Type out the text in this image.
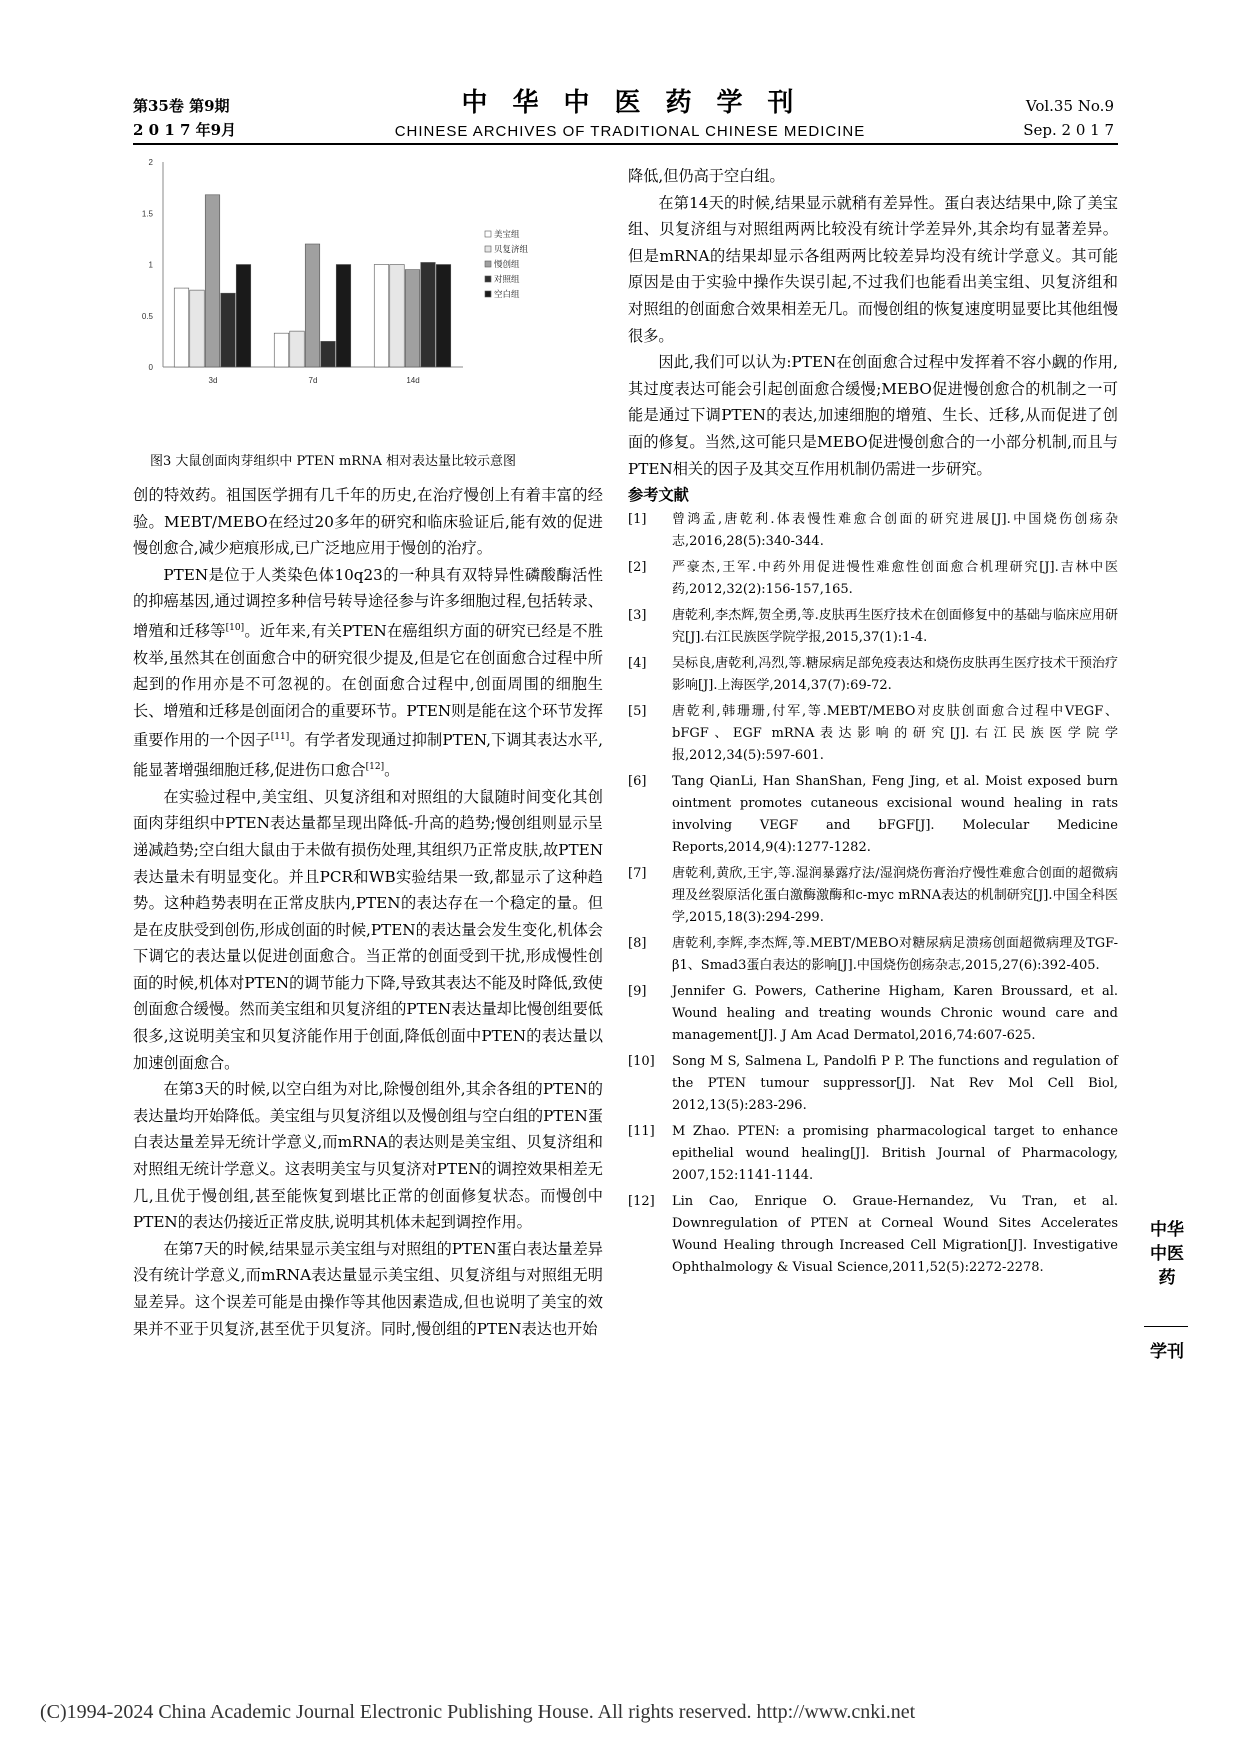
第35卷 第9期
2 0 1 7 年9月
中华中医药学刊
CHINESE ARCHIVES OF TRADITIONAL CHINESE MEDICINE
Vol.35 No.9
Sep. 2 0 1 7
0
0.5
1
1.5
2
3d	7d	14d
美宝组
贝复济组
慢创组
对照组
空白组
图3 大鼠创面肉芽组织中 PTEN mRNA 相对表达量比较示意图

创的特效药。祖国医学拥有几千年的历史,在治疗慢创上有着丰富的经验。MEBT/MEBO在经过20多年的研究和临床验证后,能有效的促进慢创愈合,减少疤痕形成,已广泛地应用于慢创的治疗。

PTEN是位于人类染色体10q23的一种具有双特异性磷酸酶活性的抑癌基因,通过调控多种信号转导途径参与许多细胞过程,包括转录、增殖和迁移等[10]。近年来,有关PTEN在癌组织方面的研究已经是不胜枚举,虽然其在创面愈合中的研究很少提及,但是它在创面愈合过程中所起到的作用亦是不可忽视的。在创面愈合过程中,创面周围的细胞生长、增殖和迁移是创面闭合的重要环节。PTEN则是能在这个环节发挥重要作用的一个因子[11]。有学者发现通过抑制PTEN,下调其表达水平,能显著增强细胞迁移,促进伤口愈合[12]。

在实验过程中,美宝组、贝复济组和对照组的大鼠随时间变化其创面肉芽组织中PTEN表达量都呈现出降低-升高的趋势;慢创组则显示呈递减趋势;空白组大鼠由于未做有损伤处理,其组织乃正常皮肤,故PTEN表达量未有明显变化。并且PCR和WB实验结果一致,都显示了这种趋势。这种趋势表明在正常皮肤内,PTEN的表达存在一个稳定的量。但是在皮肤受到创伤,形成创面的时候,PTEN的表达量会发生变化,机体会下调它的表达量以促进创面愈合。当正常的创面受到干扰,形成慢性创面的时候,机体对PTEN的调节能力下降,导致其表达不能及时降低,致使创面愈合缓慢。然而美宝组和贝复济组的PTEN表达量却比慢创组要低很多,这说明美宝和贝复济能作用于创面,降低创面中PTEN的表达量以加速创面愈合。

在第3天的时候,以空白组为对比,除慢创组外,其余各组的PTEN的表达量均开始降低。美宝组与贝复济组以及慢创组与空白组的PTEN蛋白表达量差异无统计学意义,而mRNA的表达则是美宝组、贝复济组和对照组无统计学意义。这表明美宝与贝复济对PTEN的调控效果相差无几,且优于慢创组,甚至能恢复到堪比正常的创面修复状态。而慢创中PTEN的表达仍接近正常皮肤,说明其机体未起到调控作用。

在第7天的时候,结果显示美宝组与对照组的PTEN蛋白表达量差异没有统计学意义,而mRNA表达量显示美宝组、贝复济组与对照组无明显差异。这个误差可能是由操作等其他因素造成,但也说明了美宝的效果并不亚于贝复济,甚至优于贝复济。同时,慢创组的PTEN表达也开始

降低,但仍高于空白组。

在第14天的时候,结果显示就稍有差异性。蛋白表达结果中,除了美宝组、贝复济组与对照组两两比较没有统计学差异外,其余均有显著差异。但是mRNA的结果却显示各组两两比较差异均没有统计学意义。其可能原因是由于实验中操作失误引起,不过我们也能看出美宝组、贝复济组和对照组的创面愈合效果相差无几。而慢创组的恢复速度明显要比其他组慢很多。

因此,我们可以认为:PTEN在创面愈合过程中发挥着不容小觑的作用,其过度表达可能会引起创面愈合缓慢;MEBO促进慢创愈合的机制之一可能是通过下调PTEN的表达,加速细胞的增殖、生长、迁移,从而促进了创面的修复。当然,这可能只是MEBO促进慢创愈合的一小部分机制,而且与PTEN相关的因子及其交互作用机制仍需进一步研究。

参考文献

[1]	曾鸿孟,唐乾利.体表慢性难愈合创面的研究进展[J].中国烧伤创疡杂志,2016,28(5):340-344.
[2]	严豪杰,王军.中药外用促进慢性难愈性创面愈合机理研究[J].吉林中医药,2012,32(2):156-157,165.
[3]	唐乾利,李杰辉,贺全勇,等.皮肤再生医疗技术在创面修复中的基础与临床应用研究[J].右江民族医学院学报,2015,37(1):1-4.
[4]	吴标良,唐乾利,冯烈,等.糖尿病足部免疫表达和烧伤皮肤再生医疗技术干预治疗影响[J].上海医学,2014,37(7):69-72.
[5]	唐乾利,韩珊珊,付军,等.MEBT/MEBO对皮肤创面愈合过程中VEGF、bFGF、EGF mRNA表达影响的研究[J].右江民族医学院学报,2012,34(5):597-601.
[6]	Tang QianLi, Han ShanShan, Feng Jing, et al. Moist exposed burn ointment promotes cutaneous excisional wound healing in rats involving VEGF and bFGF[J]. Molecular Medicine Reports,2014,9(4):1277-1282.
[7]	唐乾利,黄欣,王宇,等.湿润暴露疗法/湿润烧伤膏治疗慢性难愈合创面的超微病理及丝裂原活化蛋白激酶激酶和c-myc mRNA表达的机制研究[J].中国全科医学,2015,18(3):294-299.
[8]	唐乾利,李辉,李杰辉,等.MEBT/MEBO对糖尿病足溃疡创面超微病理及TGF-β1、Smad3蛋白表达的影响[J].中国烧伤创疡杂志,2015,27(6):392-405.
[9]	Jennifer G. Powers, Catherine Higham, Karen Broussard, et al. Wound healing and treating wounds Chronic wound care and management[J]. J Am Acad Dermatol,2016,74:607-625.
[10]	Song M S, Salmena L, Pandolfi P P. The functions and regulation of the PTEN tumour suppressor[J]. Nat Rev Mol Cell Biol, 2012,13(5):283-296.
[11]	M Zhao. PTEN: a promising pharmacological target to enhance epithelial wound healing[J]. British Journal of Pharmacology, 2007,152:1141-1144.
[12]	Lin Cao, Enrique O. Graue-Hernandez, Vu Tran, et al. Downregulation of PTEN at Corneal Wound Sites Accelerates Wound Healing through Increased Cell Migration[J]. Investigative Ophthalmology & Visual Science,2011,52(5):2272-2278.
中华中医药
学刊
(C)1994-2024 China Academic Journal Electronic Publishing House. All rights reserved. http://www.cnki.net
